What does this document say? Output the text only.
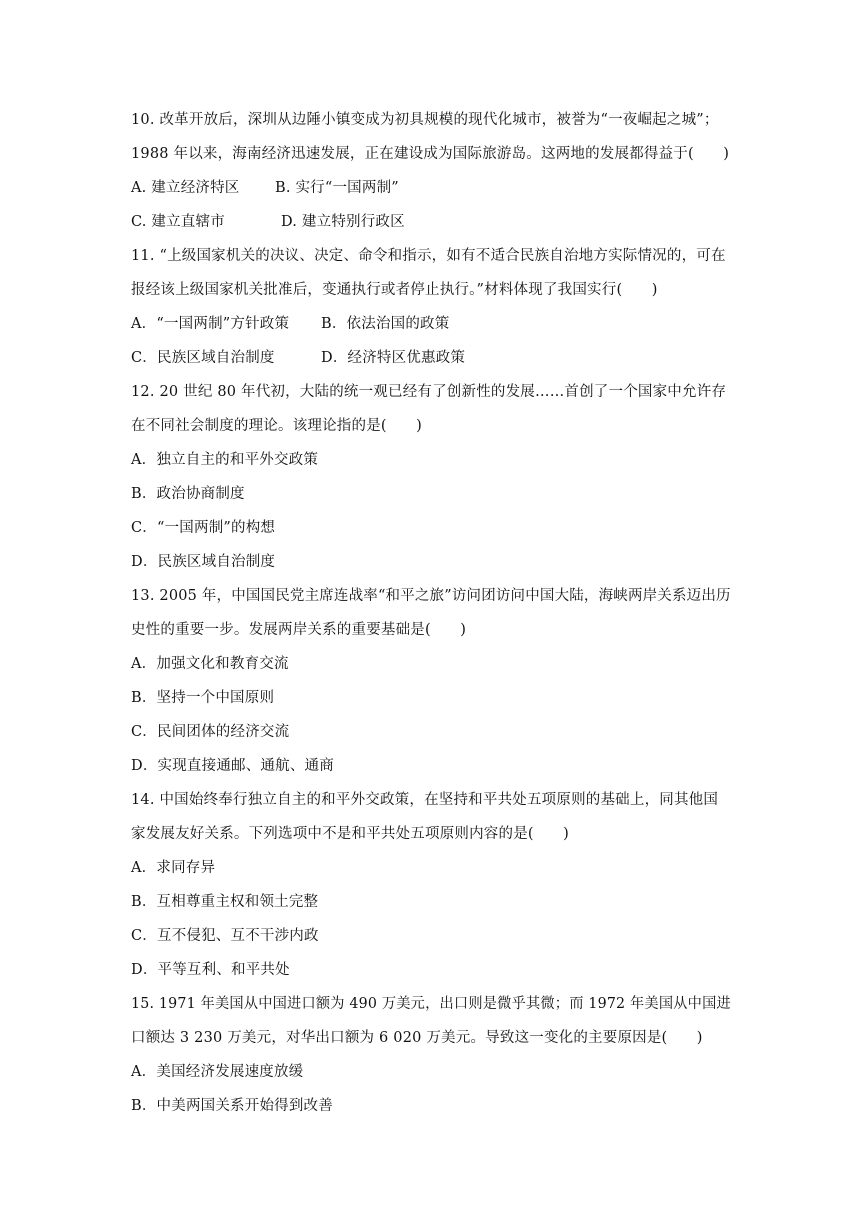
10. 改革开放后，深圳从边陲小镇变成为初具规模的现代化城市，被誉为“一夜崛起之城”；
1988 年以来，海南经济迅速发展，正在建设成为国际旅游岛。这两地的发展都得益于(　　)
A. 建立经济特区 B. 实行“一国两制”
C. 建立直辖市	D. 建立特别行政区
11. “上级国家机关的决议、决定、命令和指示，如有不适合民族自治地方实际情况的，可在
报经该上级国家机关批准后，变通执行或者停止执行。”材料体现了我国实行(　　)
A．“一国两制”方针政策 B．依法治国的政策
C．民族区域自治制度	D．经济特区优惠政策
12. 20 世纪 80 年代初，大陆的统一观已经有了创新性的发展……首创了一个国家中允许存
在不同社会制度的理论。该理论指的是(　　)
A．独立自主的和平外交政策
B．政治协商制度
C．“一国两制”的构想
D．民族区域自治制度
13. 2005 年，中国国民党主席连战率“和平之旅”访问团访问中国大陆，海峡两岸关系迈出历
史性的重要一步。发展两岸关系的重要基础是(　　)
A．加强文化和教育交流
B．坚持一个中国原则
C．民间团体的经济交流
D．实现直接通邮、通航、通商
14. 中国始终奉行独立自主的和平外交政策，在坚持和平共处五项原则的基础上，同其他国
家发展友好关系。下列选项中不是和平共处五项原则内容的是(　　)
A．求同存异
B．互相尊重主权和领土完整
C．互不侵犯、互不干涉内政
D．平等互利、和平共处
15. 1971 年美国从中国进口额为 490 万美元，出口则是微乎其微；而 1972 年美国从中国进
口额达 3 230 万美元，对华出口额为 6 020 万美元。导致这一变化的主要原因是(　　)
A．美国经济发展速度放缓
B．中美两国关系开始得到改善
